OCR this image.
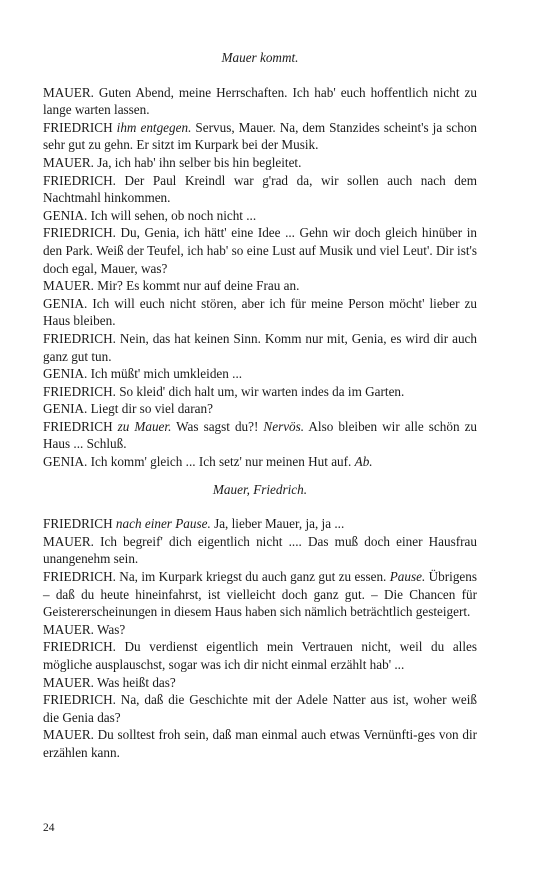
Mauer kommt.

MAUER. Guten Abend, meine Herrschaften. Ich hab' euch hoffentlich nicht zu lange warten lassen.

FRIEDRICH ihm entgegen. Servus, Mauer. Na, dem Stanzides scheint's ja schon sehr gut zu gehn. Er sitzt im Kurpark bei der Musik.

MAUER. Ja, ich hab' ihn selber bis hin begleitet.

FRIEDRICH. Der Paul Kreindl war g'rad da, wir sollen auch nach dem Nachtmahl hinkommen.

GENIA. Ich will sehen, ob noch nicht ...

FRIEDRICH. Du, Genia, ich hätt' eine Idee ... Gehn wir doch gleich hinüber in den Park. Weiß der Teufel, ich hab' so eine Lust auf Musik und viel Leut'. Dir ist's doch egal, Mauer, was?

MAUER. Mir? Es kommt nur auf deine Frau an.

GENIA. Ich will euch nicht stören, aber ich für meine Person möcht' lieber zu Haus bleiben.

FRIEDRICH. Nein, das hat keinen Sinn. Komm nur mit, Genia, es wird dir auch ganz gut tun.

GENIA. Ich müßt' mich umkleiden ...

FRIEDRICH. So kleid' dich halt um, wir warten indes da im Garten.

GENIA. Liegt dir so viel daran?

FRIEDRICH zu Mauer. Was sagst du?! Nervös. Also bleiben wir alle schön zu Haus ... Schluß.

GENIA. Ich komm' gleich ... Ich setz' nur meinen Hut auf. Ab.

Mauer, Friedrich.

FRIEDRICH nach einer Pause. Ja, lieber Mauer, ja, ja ...

MAUER. Ich begreif' dich eigentlich nicht .... Das muß doch einer Hausfrau unangenehm sein.

FRIEDRICH. Na, im Kurpark kriegst du auch ganz gut zu essen. Pause. Übrigens – daß du heute hineinfahrst, ist vielleicht doch ganz gut. – Die Chancen für Geistererscheinungen in diesem Haus haben sich nämlich beträchtlich gesteigert.

MAUER. Was?

FRIEDRICH. Du verdienst eigentlich mein Vertrauen nicht, weil du alles mögliche ausplauschst, sogar was ich dir nicht einmal erzählt hab' ...

MAUER. Was heißt das?

FRIEDRICH. Na, daß die Geschichte mit der Adele Natter aus ist, woher weiß die Genia das?

MAUER. Du solltest froh sein, daß man einmal auch etwas Vernünfti-ges von dir erzählen kann.

24
